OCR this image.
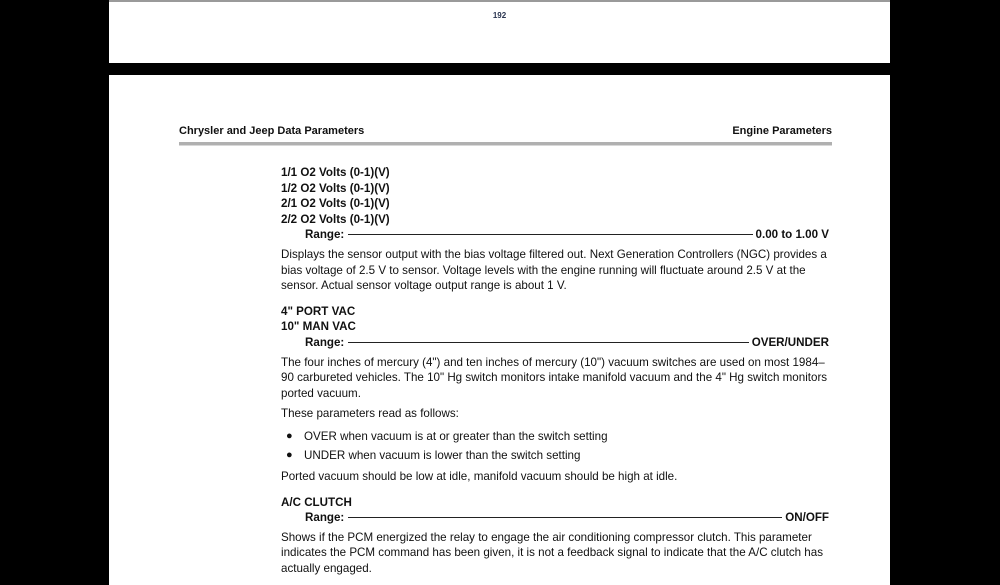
192
Chrysler and Jeep Data Parameters	Engine Parameters
1/1 O2 Volts (0-1)(V)
1/2 O2 Volts (0-1)(V)
2/1 O2 Volts (0-1)(V)
2/2 O2 Volts (0-1)(V)
Range:	0.00 to 1.00 V

Displays the sensor output with the bias voltage filtered out. Next Generation Controllers (NGC) provides a bias voltage of 2.5 V to sensor. Voltage levels with the engine running will fluctuate around 2.5 V at the sensor. Actual sensor voltage output range is about 1 V.

4" PORT VAC
10" MAN VAC
Range:	OVER/UNDER

The four inches of mercury (4") and ten inches of mercury (10") vacuum switches are used on most 1984–90 carbureted vehicles. The 10" Hg switch monitors intake manifold vacuum and the 4" Hg switch monitors ported vacuum.

These parameters read as follows:

● OVER when vacuum is at or greater than the switch setting
● UNDER when vacuum is lower than the switch setting

Ported vacuum should be low at idle, manifold vacuum should be high at idle.

A/C CLUTCH
Range:	ON/OFF

Shows if the PCM energized the relay to engage the air conditioning compressor clutch. This parameter indicates the PCM command has been given, it is not a feedback signal to indicate that the A/C clutch has actually engaged.
